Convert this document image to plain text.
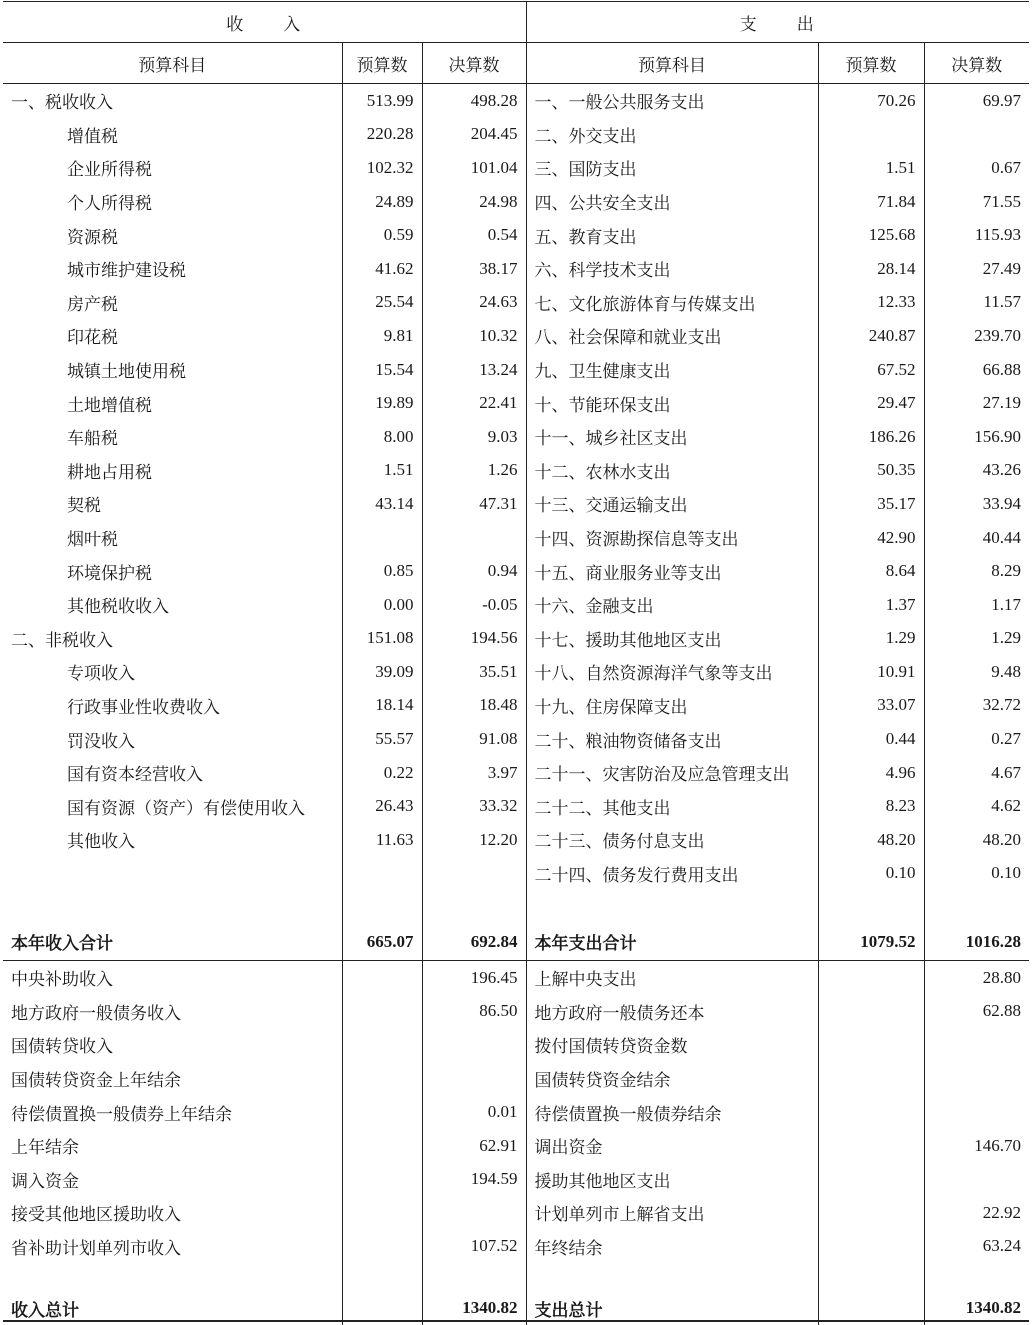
收　　入			支　　出		
预算科目	预算数	决算数	预算科目	预算数	决算数
一、税收收入	513.99	498.28	一、一般公共服务支出	70.26	69.97
增值税	220.28	204.45	二、外交支出		
企业所得税	102.32	101.04	三、国防支出	1.51	0.67
个人所得税	24.89	24.98	四、公共安全支出	71.84	71.55
资源税	0.59	0.54	五、教育支出	125.68	115.93
城市维护建设税	41.62	38.17	六、科学技术支出	28.14	27.49
房产税	25.54	24.63	七、文化旅游体育与传媒支出	12.33	11.57
印花税	9.81	10.32	八、社会保障和就业支出	240.87	239.70
城镇土地使用税	15.54	13.24	九、卫生健康支出	67.52	66.88
土地增值税	19.89	22.41	十、节能环保支出	29.47	27.19
车船税	8.00	9.03	十一、城乡社区支出	186.26	156.90
耕地占用税	1.51	1.26	十二、农林水支出	50.35	43.26
契税	43.14	47.31	十三、交通运输支出	35.17	33.94
烟叶税			十四、资源勘探信息等支出	42.90	40.44
环境保护税	0.85	0.94	十五、商业服务业等支出	8.64	8.29
其他税收收入	0.00	-0.05	十六、金融支出	1.37	1.17
二、非税收入	151.08	194.56	十七、援助其他地区支出	1.29	1.29
专项收入	39.09	35.51	十八、自然资源海洋气象等支出	10.91	9.48
行政事业性收费收入	18.14	18.48	十九、住房保障支出	33.07	32.72
罚没收入	55.57	91.08	二十、粮油物资储备支出	0.44	0.27
国有资本经营收入	0.22	3.97	二十一、灾害防治及应急管理支出	4.96	4.67
国有资源（资产）有偿使用收入	26.43	33.32	二十二、其他支出	8.23	4.62
其他收入	11.63	12.20	二十三、债务付息支出	48.20	48.20
			二十四、债务发行费用支出	0.10	0.10

本年收入合计	665.07	692.84	本年支出合计	1079.52	1016.28
中央补助收入		196.45	上解中央支出		28.80
地方政府一般债务收入		86.50	地方政府一般债务还本		62.88
国债转贷收入			拨付国债转贷资金数		
国债转贷资金上年结余			国债转贷资金结余		
待偿债置换一般债券上年结余		0.01	待偿债置换一般债券结余		
上年结余		62.91	调出资金		146.70
调入资金		194.59	援助其他地区支出		
接受其他地区援助收入			计划单列市上解省支出		22.92
省补助计划单列市收入		107.52	年终结余		63.24

收入总计		1340.82	支出总计		1340.82
